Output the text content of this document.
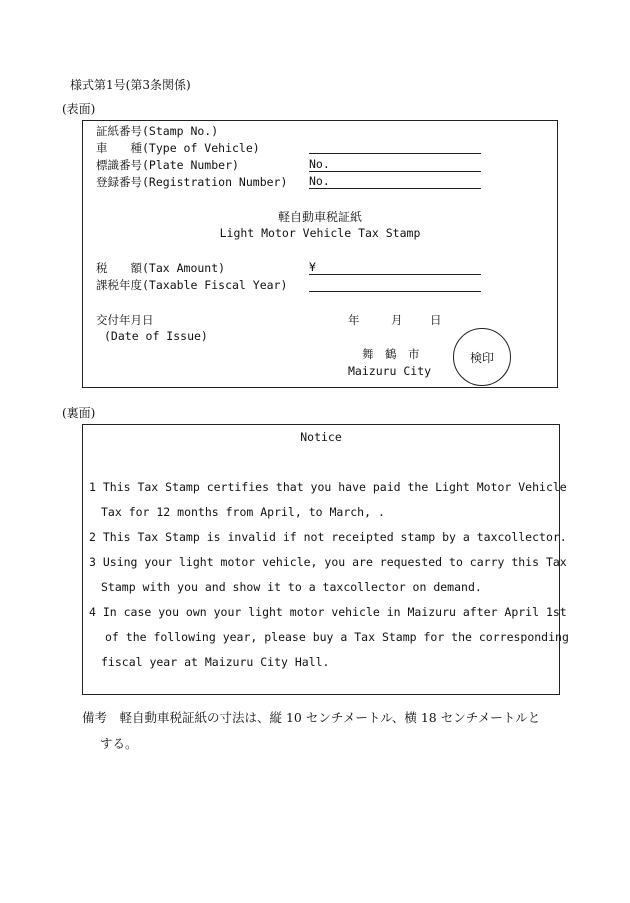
様式第1号(第3条関係)
(表面)
証紙番号(Stamp No.)
車　　種(Type of Vehicle)
標識番号(Plate Number)	No.
登録番号(Registration Number) No.
軽自動車税証紙
Light Motor Vehicle Tax Stamp
税　　額(Tax Amount)	¥
課税年度(Taxable Fiscal Year)
交付年月日
(Date of Issue)
年	月 日
舞　鶴　市
Maizuru City
検印
(裏面)
Notice
1 This Tax Stamp certifies that you have paid the Light Motor Vehicle
Tax for 12 months from April, to March, .
2 This Tax Stamp is invalid if not receipted stamp by a taxcollector.
3 Using your light motor vehicle, you are requested to carry this Tax
Stamp with you and show it to a taxcollector on demand.
4 In case you own your light motor vehicle in Maizuru after April 1st
of the following year, please buy a Tax Stamp for the corresponding
fiscal year at Maizuru City Hall.
備考　軽自動車税証紙の寸法は、縦 10 センチメートル、横 18 センチメートルと
する。
